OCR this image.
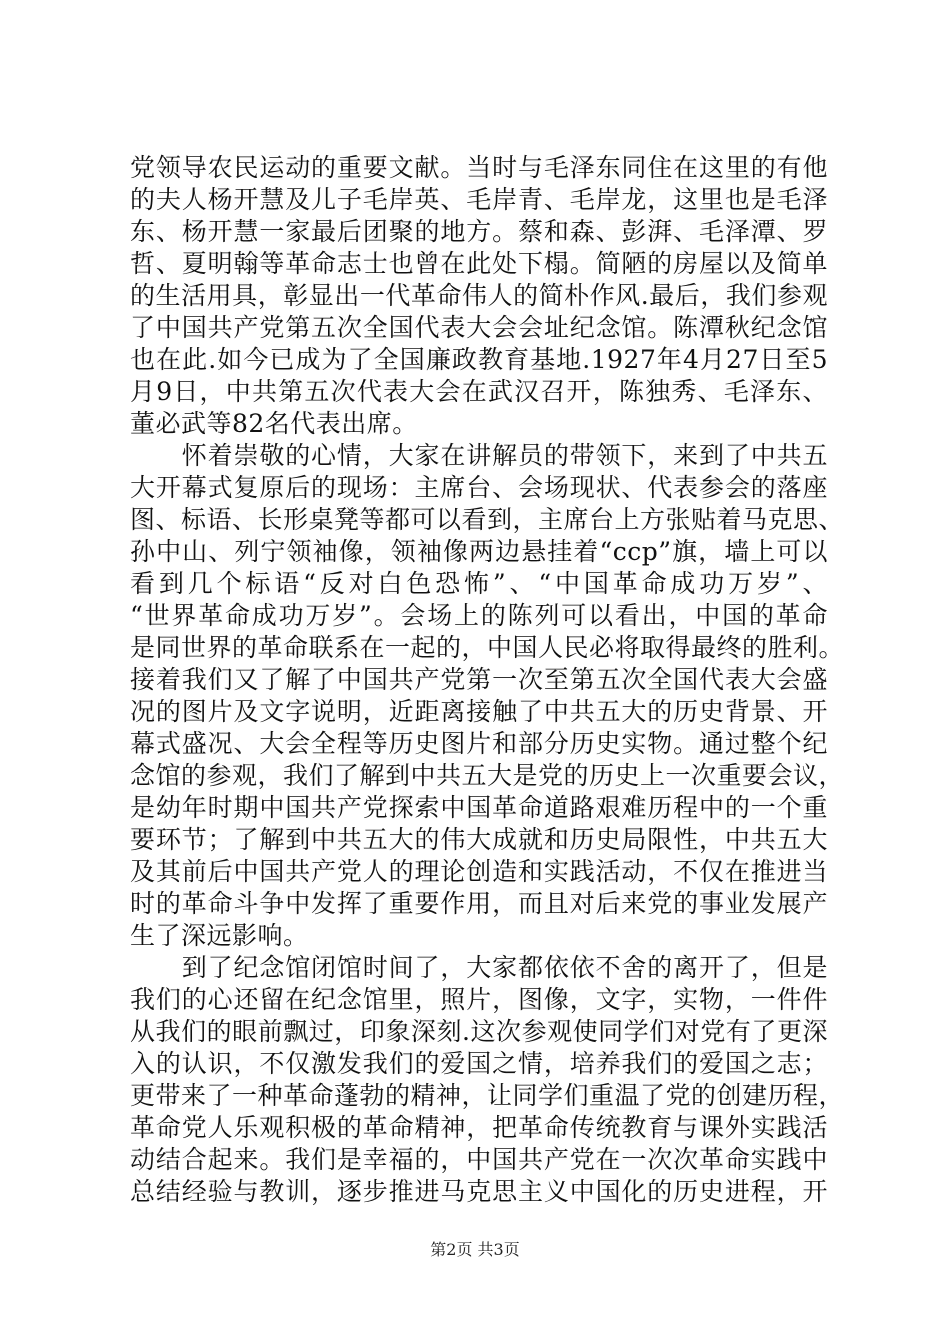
党领导农民运动的重要文献。当时与毛泽东同住在这里的有他
的夫人杨开慧及儿子毛岸英、毛岸青、毛岸龙，这里也是毛泽
东、杨开慧一家最后团聚的地方。蔡和森、彭湃、毛泽潭、罗
哲、夏明翰等革命志士也曾在此处下榻。简陋的房屋以及简单
的生活用具，彰显出一代革命伟人的简朴作风.最后，我们参观
了中国共产党第五次全国代表大会会址纪念馆。陈潭秋纪念馆
也在此.如今已成为了全国廉政教育基地.1927年4月27日至5
月9日，中共第五次代表大会在武汉召开，陈独秀、毛泽东、
董必武等82名代表出席。
　　怀着崇敬的心情，大家在讲解员的带领下，来到了中共五
大开幕式复原后的现场：主席台、会场现状、代表参会的落座
图、标语、长形桌凳等都可以看到，主席台上方张贴着马克思、
孙中山、列宁领袖像，领袖像两边悬挂着“ccp”旗，墙上可以
看到几个标语“反对白色恐怖”、“中国革命成功万岁”、
“世界革命成功万岁”。会场上的陈列可以看出，中国的革命
是同世界的革命联系在一起的，中国人民必将取得最终的胜利。
接着我们又了解了中国共产党第一次至第五次全国代表大会盛
况的图片及文字说明，近距离接触了中共五大的历史背景、开
幕式盛况、大会全程等历史图片和部分历史实物。通过整个纪
念馆的参观，我们了解到中共五大是党的历史上一次重要会议，
是幼年时期中国共产党探索中国革命道路艰难历程中的一个重
要环节；了解到中共五大的伟大成就和历史局限性，中共五大
及其前后中国共产党人的理论创造和实践活动，不仅在推进当
时的革命斗争中发挥了重要作用，而且对后来党的事业发展产
生了深远影响。
　　到了纪念馆闭馆时间了，大家都依依不舍的离开了，但是
我们的心还留在纪念馆里，照片，图像，文字，实物，一件件
从我们的眼前飘过，印象深刻.这次参观使同学们对党有了更深
入的认识，不仅激发我们的爱国之情，培养我们的爱国之志；
更带来了一种革命蓬勃的精神，让同学们重温了党的创建历程，
革命党人乐观积极的革命精神，把革命传统教育与课外实践活
动结合起来。我们是幸福的，中国共产党在一次次革命实践中
总结经验与教训，逐步推进马克思主义中国化的历史进程，开
第2页 共3页
